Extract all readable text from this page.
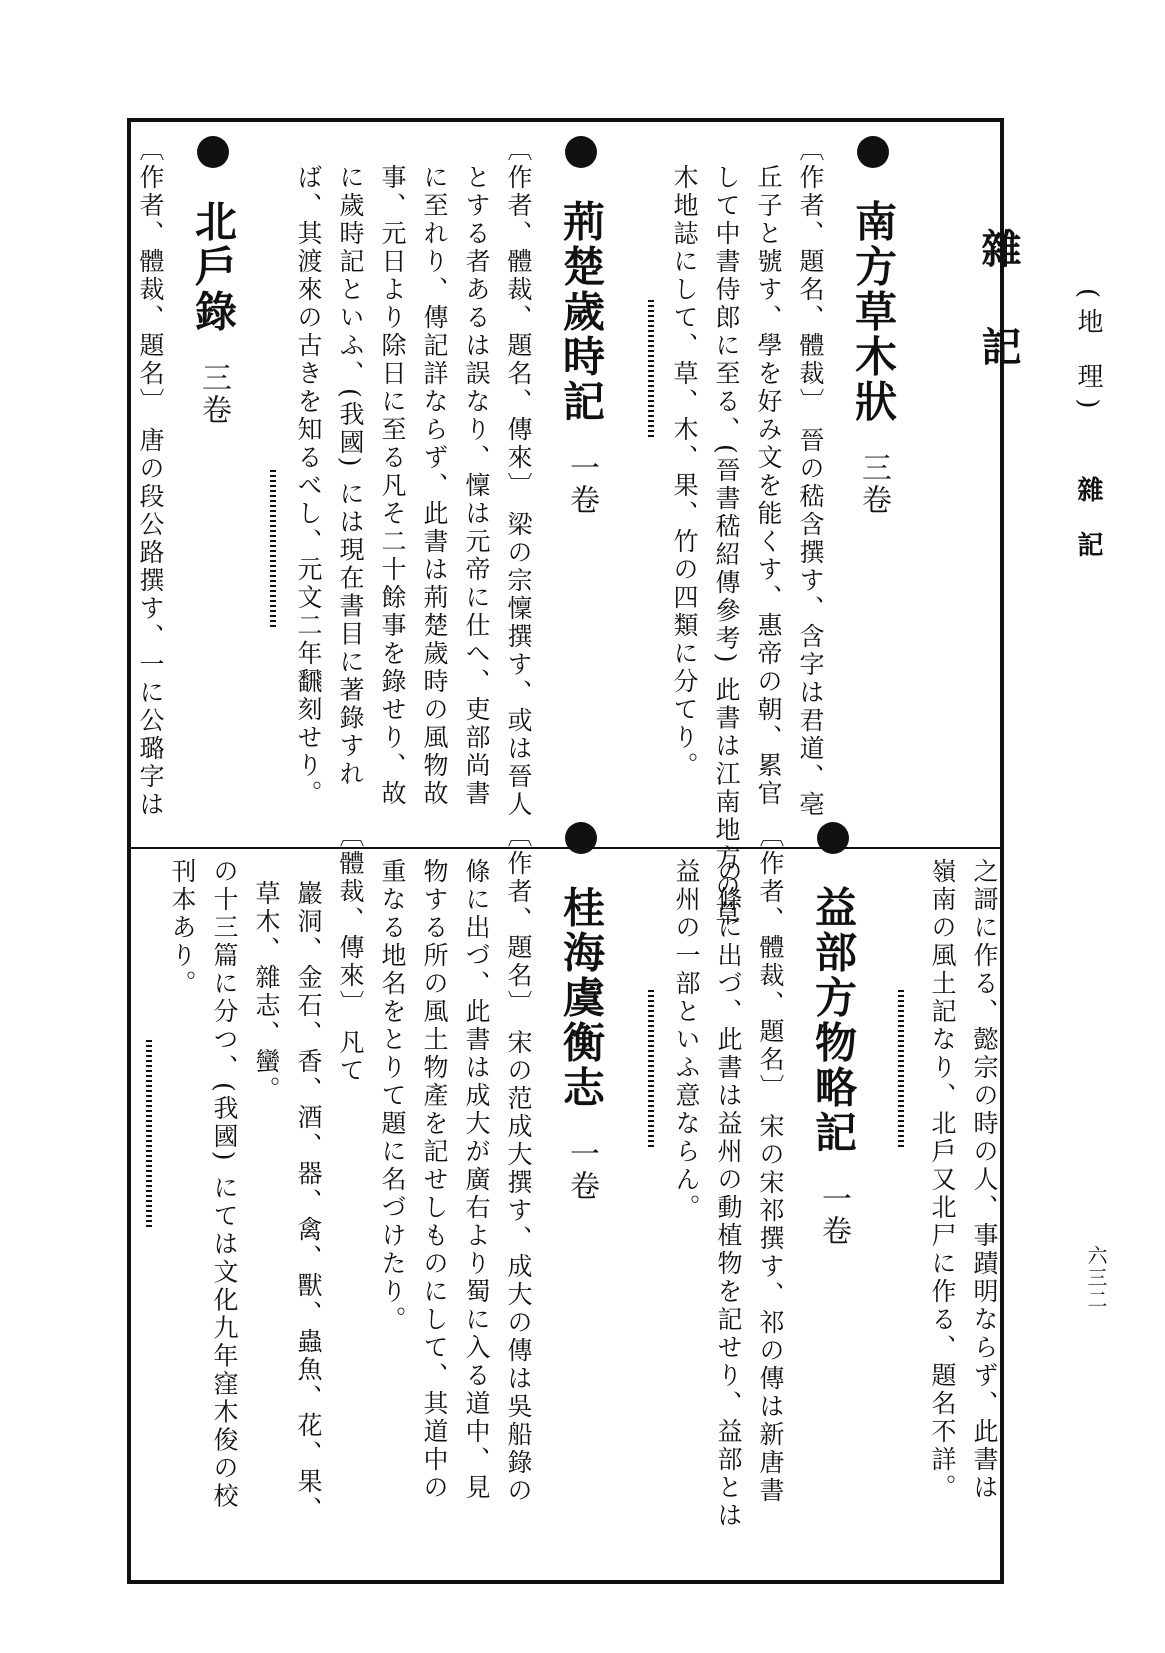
(地 理) 雜 記
六三二
雜 記
南方草木狀 三卷
〔作者、題名、體裁〕 晉の嵇含撰す、含字は君道、亳
丘子と號す、學を好み文を能くす、惠帝の朝、累官
して中書侍郎に至る、(晉書嵇紹傳參考) 此書は江南地方の草
木地誌にして、草、木、果、竹の四類に分てり。
荊楚歲時記 一卷
〔作者、體裁、題名、傳來〕 梁の宗懍撰す、或は晉人
とする者あるは誤なり、懍は元帝に仕へ、吏部尚書
に至れり、傳記詳ならず、此書は荊楚歲時の風物故
事、元日より除日に至る凡そ二十餘事を錄せり、故
に歲時記といふ、(我國) には現在書目に著錄すれ
ば、其渡來の古きを知るべし、元文二年飜刻せり。
北戶錄 三卷
〔作者、體裁、題名〕 唐の段公路撰す、一に公璐字は
之謌に作る、懿宗の時の人、事蹟明ならず、此書は
嶺南の風土記なり、北戶又北尸に作る、題名不詳。
益部方物略記 一卷
〔作者、體裁、題名〕 宋の宋祁撰す、祁の傳は新唐書
の條に出づ、此書は益州の動植物を記せり、益部とは
益州の一部といふ意ならん。
桂海虞衡志 一卷
〔作者、題名〕 宋の范成大撰す、成大の傳は吳船錄の
條に出づ、此書は成大が廣右より蜀に入る道中、見
物する所の風土物產を記せしものにして、其道中の
重なる地名をとりて題に名づけたり。
〔體裁、傳來〕 凡て
巖洞、金石、香、酒、器、禽、獸、蟲魚、花、果、
草木、雜志、蠻。
の十三篇に分つ、(我國) にては文化九年窪木俊の校
刊本あり。
